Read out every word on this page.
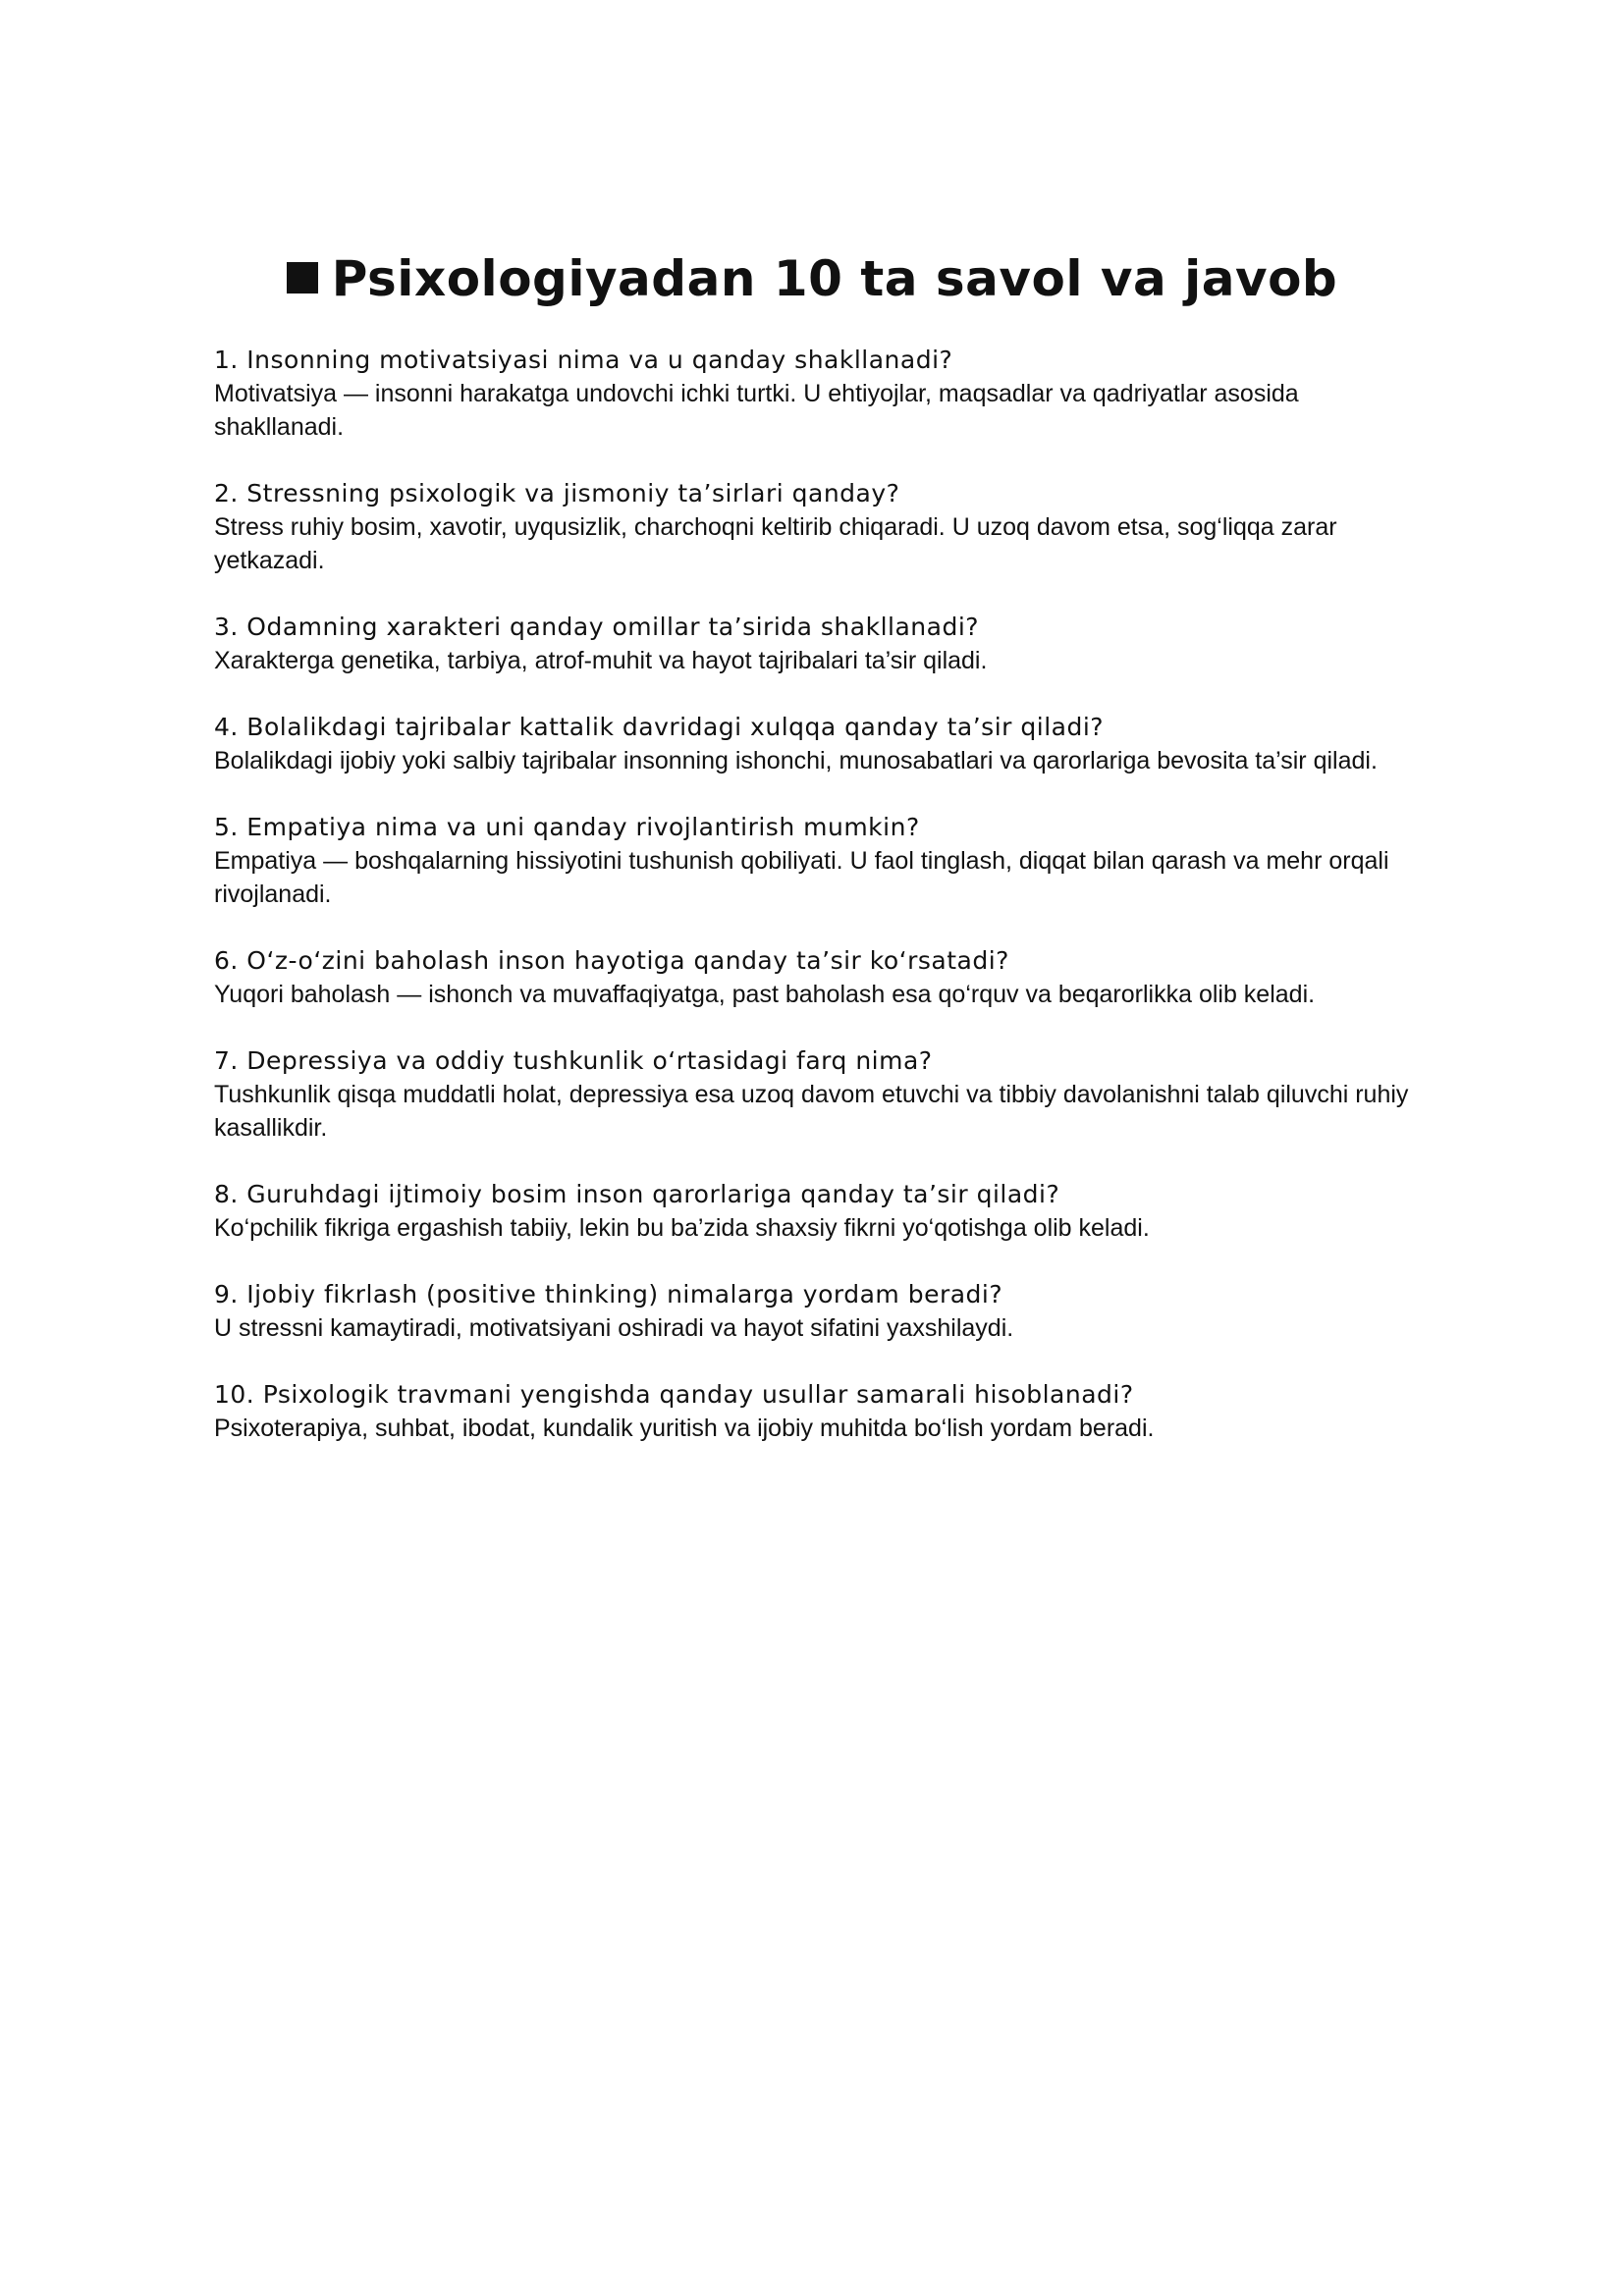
Psixologiyadan 10 ta savol va javob
1. Insonning motivatsiyasi nima va u qanday shakllanadi?
Motivatsiya — insonni harakatga undovchi ichki turtki. U ehtiyojlar, maqsadlar va qadriyatlar asosida shakllanadi.
2. Stressning psixologik va jismoniy ta’sirlari qanday?
Stress ruhiy bosim, xavotir, uyqusizlik, charchoqni keltirib chiqaradi. U uzoq davom etsa, sog‘liqqa zarar yetkazadi.
3. Odamning xarakteri qanday omillar ta’sirida shakllanadi?
Xarakterga genetika, tarbiya, atrof-muhit va hayot tajribalari ta’sir qiladi.
4. Bolalikdagi tajribalar kattalik davridagi xulqqa qanday ta’sir qiladi?
Bolalikdagi ijobiy yoki salbiy tajribalar insonning ishonchi, munosabatlari va qarorlariga bevosita ta’sir qiladi.
5. Empatiya nima va uni qanday rivojlantirish mumkin?
Empatiya — boshqalarning hissiyotini tushunish qobiliyati. U faol tinglash, diqqat bilan qarash va mehr orqali rivojlanadi.
6. O‘z-o‘zini baholash inson hayotiga qanday ta’sir ko‘rsatadi?
Yuqori baholash — ishonch va muvaffaqiyatga, past baholash esa qo‘rquv va beqarorlikka olib keladi.
7. Depressiya va oddiy tushkunlik o‘rtasidagi farq nima?
Tushkunlik qisqa muddatli holat, depressiya esa uzoq davom etuvchi va tibbiy davolanishni talab qiluvchi ruhiy kasallikdir.
8. Guruhdagi ijtimoiy bosim inson qarorlariga qanday ta’sir qiladi?
Ko‘pchilik fikriga ergashish tabiiy, lekin bu ba’zida shaxsiy fikrni yo‘qotishga olib keladi.
9. Ijobiy fikrlash (positive thinking) nimalarga yordam beradi?
U stressni kamaytiradi, motivatsiyani oshiradi va hayot sifatini yaxshilaydi.
10. Psixologik travmani yengishda qanday usullar samarali hisoblanadi?
Psixoterapiya, suhbat, ibodat, kundalik yuritish va ijobiy muhitda bo‘lish yordam beradi.
